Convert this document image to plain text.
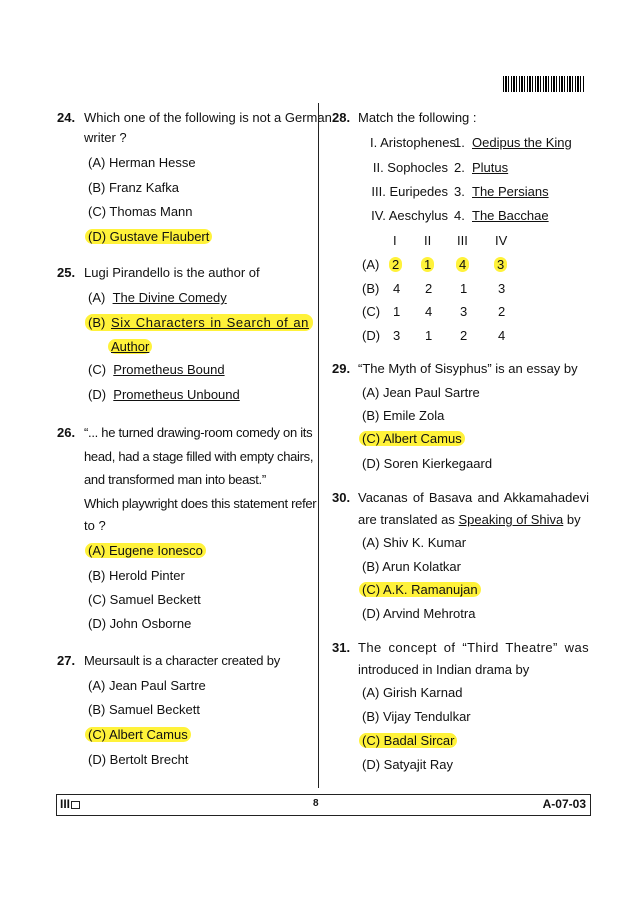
24. Which one of the following is not a German
writer ?
(A) Herman Hesse
(B) Franz Kafka
(C) Thomas Mann
(D) Gustave Flaubert
25. Lugi Pirandello is the author of
(A) The Divine Comedy
(B) Six Characters in Search of an
Author
(C) Prometheus Bound
(D) Prometheus Unbound
26. “... he turned drawing-room comedy on its
head, had a stage filled with empty chairs,
and transformed man into beast.”
Which playwright does this statement refer
to ?
(A) Eugene Ionesco
(B) Herold Pinter
(C) Samuel Beckett
(D) John Osborne
27. Meursault is a character created by
(A) Jean Paul Sartre
(B) Samuel Beckett
(C) Albert Camus
(D) Bertolt Brecht
28. Match the following :
I. Aristophenes
II. Sophocles
III. Euripedes
IV. Aeschylus
1.
2.
3.
4.
Oedipus the King
Plutus
The Persians
The Bacchae
I II III IV
(A) 2 1 4 3
(B) 4 2 1 3
(C) 1 4 3 2
(D) 3 1 2 4
29. “The Myth of Sisyphus” is an essay by
(A) Jean Paul Sartre
(B) Emile Zola
(C) Albert Camus
(D) Soren Kierkegaard
30. Vacanas of Basava and Akkamahadevi
are translated as Speaking of Shiva by
(A) Shiv K. Kumar
(B) Arun Kolatkar
(C) A.K. Ramanujan
(D) Arvind Mehrotra
31. The concept of “Third Theatre” was
introduced in Indian drama by
(A) Girish Karnad
(B) Vijay Tendulkar
(C) Badal Sircar
(D) Satyajit Ray
III	8	A-07-03
